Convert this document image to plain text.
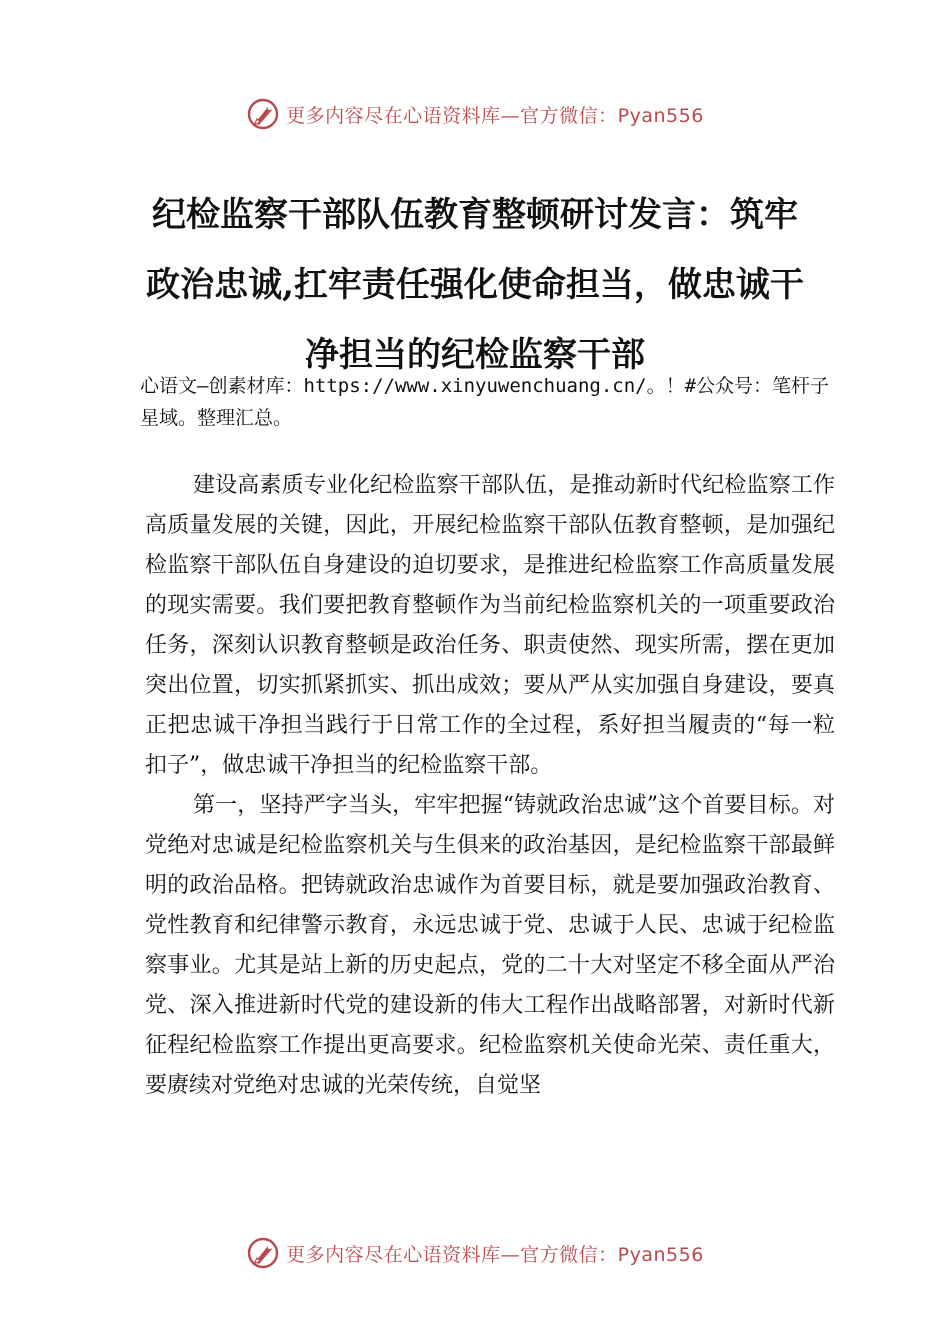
更多内容尽在心语资料库—官方微信：Pyan556
纪检监察干部队伍教育整顿研讨发言：筑牢政治忠诚,扛牢责任强化使命担当，做忠诚干净担当的纪检监察干部

心语文—创素材库：https://www.xinyuwenchuang.cn/。！#公众号：笔杆子星域。整理汇总。

建设高素质专业化纪检监察干部队伍，是推动新时代纪检监察工作高质量发展的关键，因此，开展纪检监察干部队伍教育整顿，是加强纪检监察干部队伍自身建设的迫切要求，是推进纪检监察工作高质量发展的现实需要。我们要把教育整顿作为当前纪检监察机关的一项重要政治任务，深刻认识教育整顿是政治任务、职责使然、现实所需，摆在更加突出位置，切实抓紧抓实、抓出成效；要从严从实加强自身建设，要真正把忠诚干净担当践行于日常工作的全过程，系好担当履责的“每一粒扣子”，做忠诚干净担当的纪检监察干部。

第一，坚持严字当头，牢牢把握“铸就政治忠诚”这个首要目标。对党绝对忠诚是纪检监察机关与生俱来的政治基因，是纪检监察干部最鲜明的政治品格。把铸就政治忠诚作为首要目标，就是要加强政治教育、党性教育和纪律警示教育，永远忠诚于党、忠诚于人民、忠诚于纪检监察事业。尤其是站上新的历史起点，党的二十大对坚定不移全面从严治党、深入推进新时代党的建设新的伟大工程作出战略部署，对新时代新征程纪检监察工作提出更高要求。纪检监察机关使命光荣、责任重大，要赓续对党绝对忠诚的光荣传统，自觉坚

更多内容尽在心语资料库—官方微信：Pyan556
